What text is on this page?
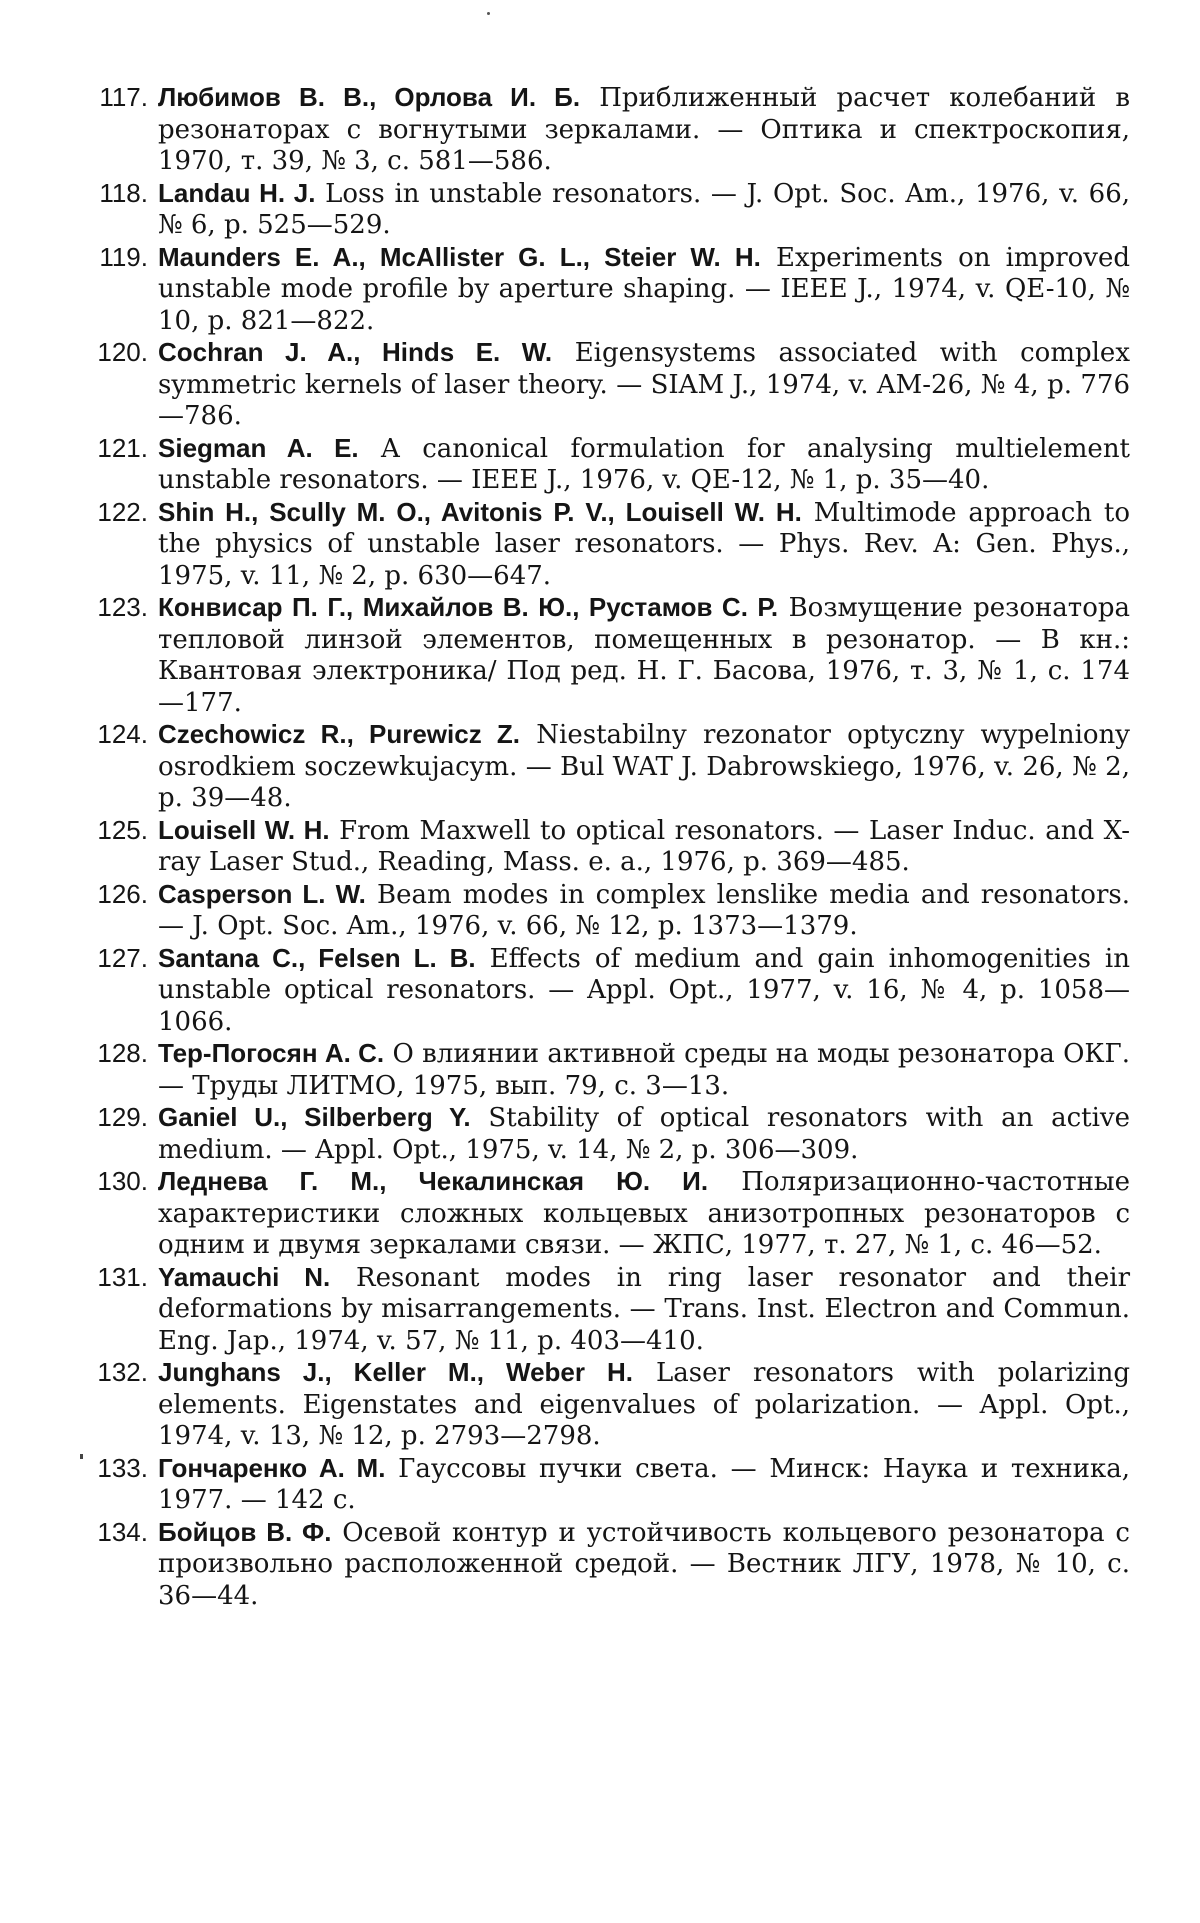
117. Любимов В. В., Орлова И. Б. Приближенный расчет колебаний в резонаторах с вогнутыми зеркалами. — Оптика и спектроскопия, 1970, т. 39, № 3, с. 581—586.
118. Landau H. J. Loss in unstable resonators. — J. Opt. Soc. Am., 1976, v. 66, № 6, p. 525—529.
119. Maunders E. A., McAllister G. L., Steier W. H. Experiments on improved unstable mode profile by aperture shaping. — IEEE J., 1974, v. QE-10, № 10, p. 821—822.
120. Cochran J. A., Hinds E. W. Eigensystems associated with complex symmetric kernels of laser theory. — SIAM J., 1974, v. AM-26, № 4, p. 776—786.
121. Siegman A. E. A canonical formulation for analysing multielement unstable resonators. — IEEE J., 1976, v. QE-12, № 1, p. 35—40.
122. Shin H., Scully M. O., Avitonis P. V., Louisell W. H. Multimode approach to the physics of unstable laser resonators. — Phys. Rev. A: Gen. Phys., 1975, v. 11, № 2, p. 630—647.
123. Конвисар П. Г., Михайлов В. Ю., Рустамов С. Р. Возмущение резонатора тепловой линзой элементов, помещенных в резонатор. — В кн.: Квантовая электроника/ Под ред. Н. Г. Басова, 1976, т. 3, № 1, с. 174—177.
124. Czechowicz R., Purewicz Z. Niestabilny rezonator optyczny wypelniony osrodkiem soczewkujacym. — Bul WAT J. Dabrowskiego, 1976, v. 26, № 2, p. 39—48.
125. Louisell W. H. From Maxwell to optical resonators. — Laser Induc. and X-ray Laser Stud., Reading, Mass. e. a., 1976, p. 369—485.
126. Casperson L. W. Beam modes in complex lenslike media and resonators. — J. Opt. Soc. Am., 1976, v. 66, № 12, p. 1373—1379.
127. Santana C., Felsen L. B. Effects of medium and gain inhomogenities in unstable optical resonators. — Appl. Opt., 1977, v. 16, № 4, p. 1058—1066.
128. Тер-Погосян А. С. О влиянии активной среды на моды резонатора ОКГ. — Труды ЛИТМО, 1975, вып. 79, с. 3—13.
129. Ganiel U., Silberberg Y. Stability of optical resonators with an active medium. — Appl. Opt., 1975, v. 14, № 2, p. 306—309.
130. Леднева Г. М., Чекалинская Ю. И. Поляризационно-частотные характеристики сложных кольцевых анизотропных резонаторов с одним и двумя зеркалами связи. — ЖПС, 1977, т. 27, № 1, с. 46—52.
131. Yamauchi N. Resonant modes in ring laser resonator and their deformations by misarrangements. — Trans. Inst. Electron and Commun. Eng. Jap., 1974, v. 57, № 11, p. 403—410.
132. Junghans J., Keller M., Weber H. Laser resonators with polarizing elements. Eigenstates and eigenvalues of polarization. — Appl. Opt., 1974, v. 13, № 12, p. 2793—2798.
133. Гончаренко А. М. Гауссовы пучки света. — Минск: Наука и техника, 1977. — 142 с.
134. Бойцов В. Ф. Осевой контур и устойчивость кольцевого резонатора с произвольно расположенной средой. — Вестник ЛГУ, 1978, № 10, с. 36—44.
